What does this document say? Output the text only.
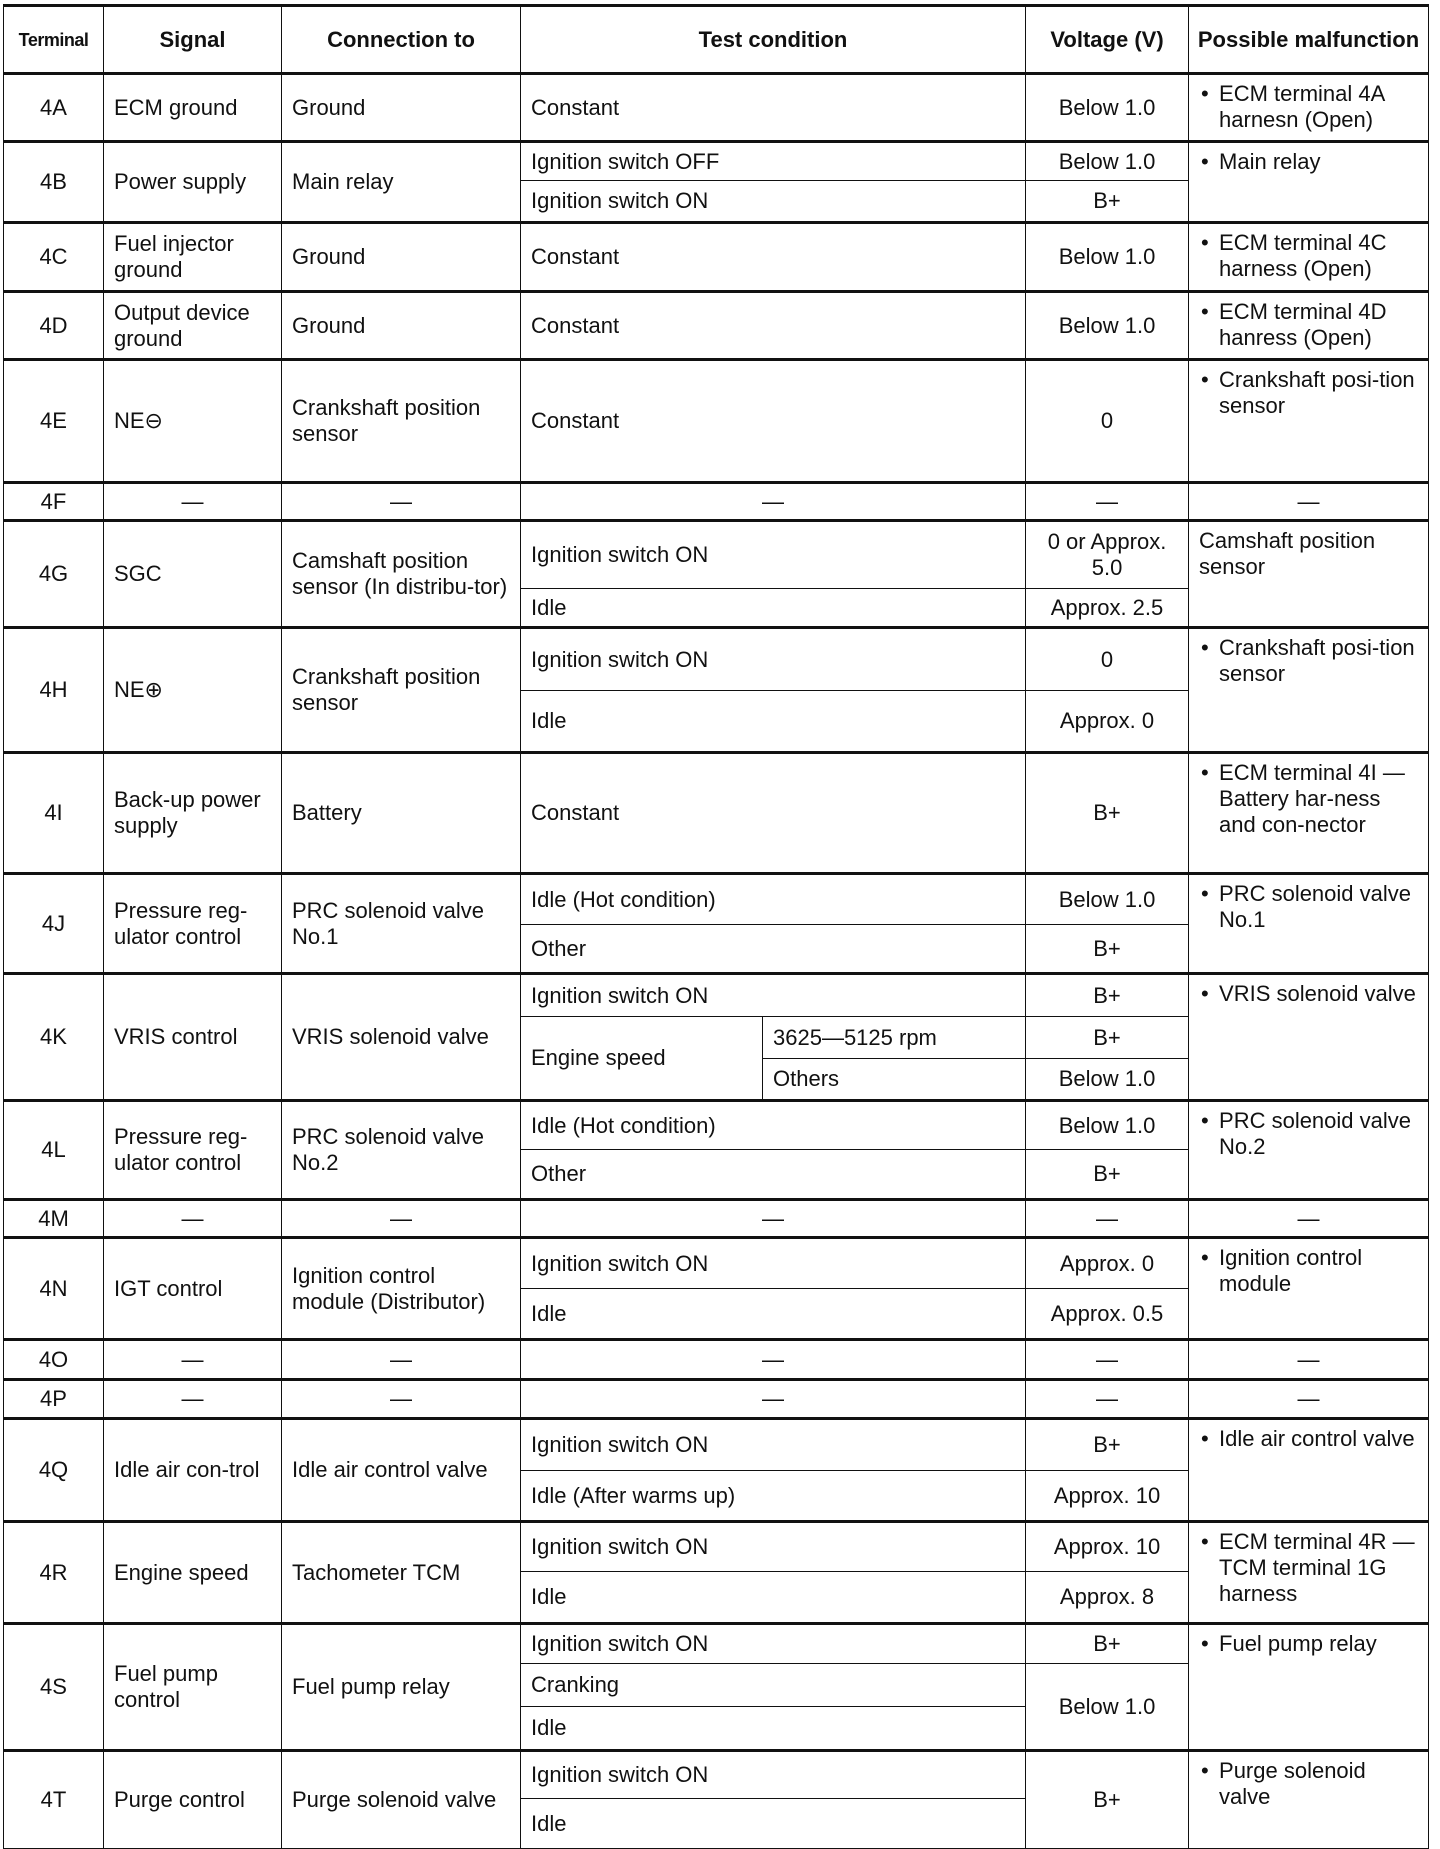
Terminal	Signal	Connection to	Test condition		Voltage (V)	Possible malfunction
4A	ECM ground	Ground	Constant		Below 1.0	• ECM terminal 4A harnesn (Open)

4B	Power supply	Main relay	Ignition switch OFF		Below 1.0	• Main relay

			Ignition switch ON		B+	
4C	Fuel injector ground	Ground	Constant		Below 1.0	• ECM terminal 4C harness (Open)

4D	Output device ground	Ground	Constant		Below 1.0	• ECM terminal 4D hanress (Open)

4E	NE⊖	Crankshaft position sensor	Constant		0	• Crankshaft posi-tion sensor

4F	—	—	—		—	—
4G	SGC	Camshaft position sensor (In distribu-tor)	Ignition switch ON		0 or Approx. 5.0	Camshaft position sensor
			Idle		Approx. 2.5	
4H	NE⊕	Crankshaft position sensor	Ignition switch ON		0	• Crankshaft posi-tion sensor

			Idle		Approx. 0	
4I	Back-up power supply	Battery	Constant		B+	• ECM terminal 4I — Battery har-ness and con-nector

4J	Pressure reg-ulator control	PRC solenoid valve No.1	Idle (Hot condition)		Below 1.0	• PRC solenoid valve No.1

			Other		B+	
4K	VRIS control	VRIS solenoid valve	Ignition switch ON		B+	• VRIS solenoid valve

			Engine speed	3625—5125 rpm	B+	
				Others	Below 1.0	
4L	Pressure reg-ulator control	PRC solenoid valve No.2	Idle (Hot condition)		Below 1.0	• PRC solenoid valve No.2

			Other		B+	
4M	—	—	—		—	—
4N	IGT control	Ignition control module (Distributor)	Ignition switch ON		Approx. 0	• Ignition control module

			Idle		Approx. 0.5	
4O	—	—	—		—	—
4P	—	—	—		—	—
4Q	Idle air con-trol	Idle air control valve	Ignition switch ON		B+	• Idle air control valve

			Idle (After warms up)		Approx. 10	
4R	Engine speed	Tachometer TCM	Ignition switch ON		Approx. 10	• ECM terminal 4R — TCM terminal 1G harness

			Idle		Approx. 8	
4S	Fuel pump control	Fuel pump relay	Ignition switch ON		B+	• Fuel pump relay

			Cranking		Below 1.0	
			Idle			
4T	Purge control	Purge solenoid valve	Ignition switch ON		B+	• Purge solenoid valve

			Idle			
